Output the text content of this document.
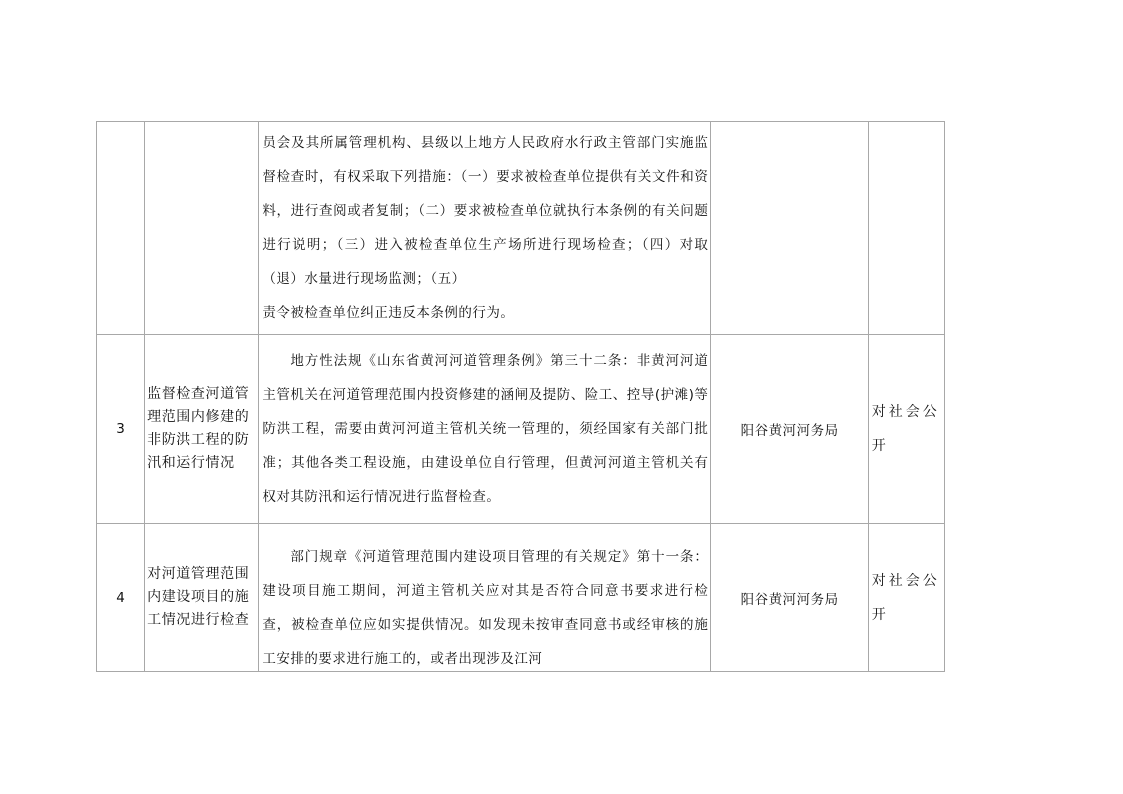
		员会及其所属管理机构、县级以上地方人民政府水行政主管部门实施监督检查时，有权采取下列措施：（一）要求被检查单位提供有关文件和资料，进行查阅或者复制；（二）要求被检查单位就执行本条例的有关问题进行说明；（三）进入被检查单位生产场所进行现场检查；（四）对取（退）水量进行现场监测；（五）
责令被检查单位纠正违反本条例的行为。		

3	监督检查河道管理范围内修建的非防洪工程的防汛和运行情况	地方性法规《山东省黄河河道管理条例》第三十二条：非黄河河道主管机关在河道管理范围内投资修建的涵闸及提防、险工、控导(护滩)等防洪工程，需要由黄河河道主管机关统一管理的，须经国家有关部门批准；其他各类工程设施，由建设单位自行管理，但黄河河道主管机关有权对其防汛和运行情况进行监督检查。	阳谷黄河河务局	对社会公开

4	对河道管理范围内建设项目的施工情况进行检查	部门规章《河道管理范围内建设项目管理的有关规定》第十一条：建设项目施工期间，河道主管机关应对其是否符合同意书要求进行检查，被检查单位应如实提供情况。如发现未按审查同意书或经审核的施工安排的要求进行施工的，或者出现涉及江河	阳谷黄河河务局	对社会公开
